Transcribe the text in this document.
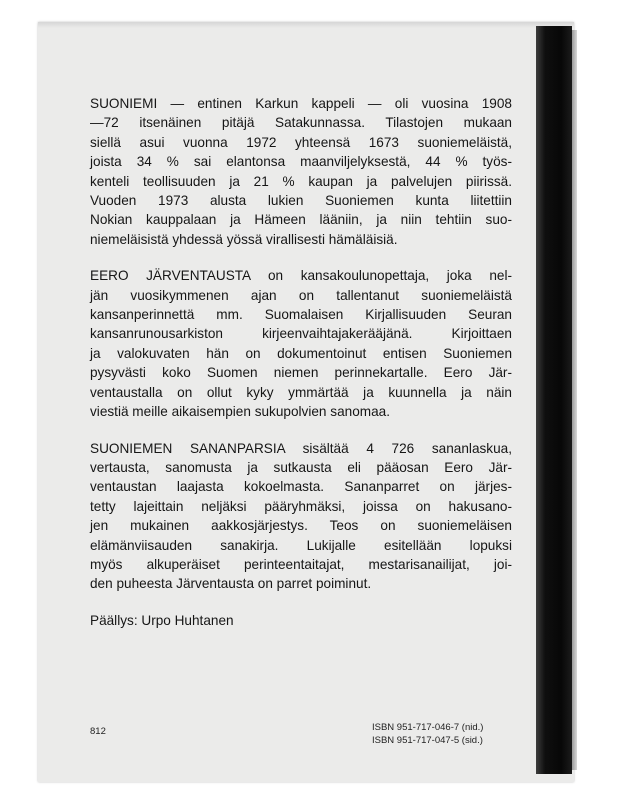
SUONIEMI — entinen Karkun kappeli — oli vuosina 1908
—72 itsenäinen pitäjä Satakunnassa. Tilastojen mukaan
siellä asui vuonna 1972 yhteensä 1673 suoniemeläistä,
joista 34 % sai elantonsa maanviljelyksestä, 44 % työs-
kenteli teollisuuden ja 21 % kaupan ja palvelujen piirissä.
Vuoden 1973 alusta lukien Suoniemen kunta liitettiin
Nokian kauppalaan ja Hämeen lääniin, ja niin tehtiin suo-
niemeläisistä yhdessä yössä virallisesti hämäläisiä.

EERO JÄRVENTAUSTA on kansakoulunopettaja, joka nel-
jän vuosikymmenen ajan on tallentanut suoniemeläistä
kansanperinnettä mm. Suomalaisen Kirjallisuuden Seuran
kansanrunousarkiston kirjeenvaihtajakerääjänä. Kirjoittaen
ja valokuvaten hän on dokumentoinut entisen Suoniemen
pysyvästi koko Suomen niemen perinnekartalle. Eero Jär-
ventaustalla on ollut kyky ymmärtää ja kuunnella ja näin
viestiä meille aikaisempien sukupolvien sanomaa.

SUONIEMEN SANANPARSIA sisältää 4 726 sananlaskua,
vertausta, sanomusta ja sutkausta eli pääosan Eero Jär-
ventaustan laajasta kokoelmasta. Sananparret on järjes-
tetty lajeittain neljäksi pääryhmäksi, joissa on hakusano-
jen mukainen aakkosjärjestys. Teos on suoniemeläisen
elämänviisauden sanakirja. Lukijalle esitellään lopuksi
myös alkuperäiset perinteentaitajat, mestarisanailijat, joi-
den puheesta Järventausta on parret poiminut.

Päällys: Urpo Huhtanen

812	ISBN 951-717-046-7 (nid.)
ISBN 951-717-047-5 (sid.)
